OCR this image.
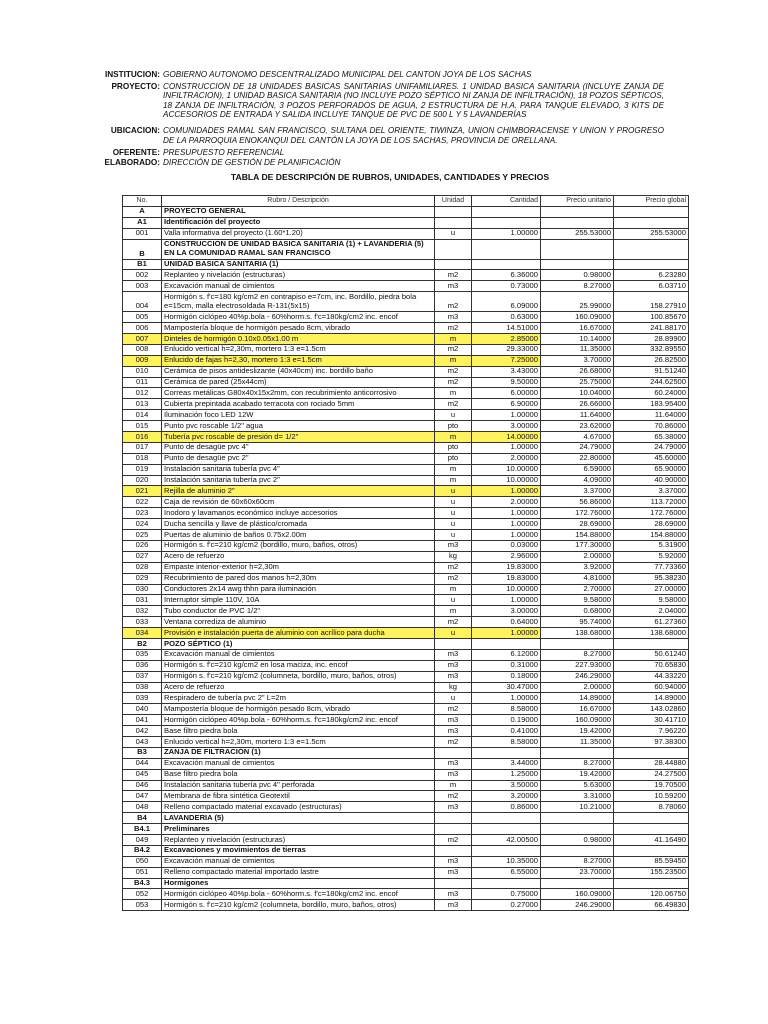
INSTITUCION: GOBIERNO AUTONOMO DESCENTRALIZADO MUNICIPAL DEL CANTON JOYA DE LOS SACHAS
PROYECTO: CONSTRUCCION DE 18 UNIDADES BASICAS SANITARIAS UNIFAMILIARES. 1 UNIDAD BASICA SANITARIA (INCLUYE ZANJA DE INFILTRACION), 1 UNIDAD BASICA SANITARIA (NO INCLUYE POZO SÉPTICO NI ZANJA DE INFILTRACIÓN), 18 POZOS SÉPTICOS, 18 ZANJA DE INFILTRACIÓN, 3 POZOS PERFORADOS DE AGUA, 2 ESTRUCTURA DE H.A. PARA TANQUE ELEVADO, 3 KITS DE ACCESORIOS DE ENTRADA Y SALIDA INCLUYE TANQUE DE PVC DE 500 L Y 5 LAVANDERÍAS
UBICACION: COMUNIDADES RAMAL SAN FRANCISCO, SULTANA DEL ORIENTE, TIWINZA, UNION CHIMBORACENSE Y UNION Y PROGRESO DE LA PARROQUIA ENOKANQUI DEL CANTÓN LA JOYA DE LOS SACHAS, PROVINCIA DE ORELLANA.
OFERENTE: PRESUPUESTO REFERENCIAL
ELABORADO: DIRECCIÓN DE GESTIÓN DE PLANIFICACIÓN
TABLA DE DESCRIPCIÓN DE RUBROS, UNIDADES, CANTIDADES Y PRECIOS
No.	Rubro / Descripción	Unidad	Cantidad	Precio unitario	Precio global
A	PROYECTO GENERAL				
A1	Identificación del proyecto				
001	Valla informativa del proyecto (1.60*1.20)	u	1.00000	255.53000	255.53000
B	CONSTRUCCION DE UNIDAD BASICA SANITARIA (1) + LAVANDERIA (5) EN LA COMUNIDAD RAMAL SAN FRANCISCO				
B1	UNIDAD BASICA SANITARIA (1)				
002	Replanteo y nivelación (estructuras)	m2	6.36000	0.98000	6.23280
003	Excavación manual de cimientos	m3	0.73000	8.27000	6.03710
004	Hormigón s. f'c=180 kg/cm2 en contrapiso e=7cm, inc. Bordillo, piedra bola e=15cm, malla electrosoldada R-131(5x15)	m2	6.09000	25.99000	158.27910
005	Hormigón ciclópeo 40%p.bola - 60%horm.s. f'c=180kg/cm2 inc. encof	m3	0.63000	160.09000	100.85670
006	Mampostería bloque de hormigón pesado 8cm, vibrado	m2	14.51000	16.67000	241.88170
007	Dinteles de hormigón 0.10x0.05x1.00 m	m	2.85000	10.14000	28.89900
008	Enlucido vertical h=2,30m, mortero 1:3 e=1.5cm	m2	29.33000	11.35000	332.89550
009	Enlucido de fajas h=2,30, mortero 1:3 e=1.5cm	m	7.25000	3.70000	26.82500
010	Cerámica de pisos antideslizante (40x40cm) inc. bordillo baño	m2	3.43000	26.68000	91.51240
011	Cerámica de pared (25x44cm)	m2	9.50000	25.75000	244.62500
012	Correas metálicas G80x40x15x2mm, con recubrimiento anticorrosivo	m	6.00000	10.04000	60.24000
013	Cubierta prepintada acabado terracota con rociado 5mm	m2	6.90000	26.66000	183.95400
014	Iluminación foco LED 12W	u	1.00000	11.64000	11.64000
015	Punto pvc roscable 1/2" agua	pto	3.00000	23.62000	70.86000
016	Tubería pvc roscable de presión d= 1/2"	m	14.00000	4.67000	65.38000
017	Punto de desagüe pvc 4"	pto	1.00000	24.79000	24.79000
018	Punto de desagüe pvc 2"	pto	2.00000	22.80000	45.60000
019	Instalación sanitaria tubería pvc 4"	m	10.00000	6.59000	65.90000
020	Instalación sanitaria tubería pvc 2"	m	10.00000	4.09000	40.90000
021	Rejilla de aluminio 2"	u	1.00000	3.37000	3.37000
022	Caja de revisión de 60x60x60cm	u	2.00000	56.86000	113.72000
023	Inodoro y lavamanos económico incluye accesorios	u	1.00000	172.76000	172.76000
024	Ducha sencilla y llave de plástico/cromada	u	1.00000	28.69000	28.69000
025	Puertas de aluminio de baños 0.75x2.00m	u	1.00000	154.88000	154.88000
026	Hormigón s. f'c=210 kg/cm2 (bordillo, muro, baños, otros)	m3	0.03000	177.30000	5.31900
027	Acero de refuerzo	kg	2.96000	2.00000	5.92000
028	Empaste interior-exterior h=2,30m	m2	19.83000	3.92000	77.73360
029	Recubrimiento de pared dos manos h=2,30m	m2	19.83000	4.81000	95.38230
030	Conductores 2x14 awg thhn para iluminación	m	10.00000	2.70000	27.00000
031	Interruptor simple 110V, 10A	u	1.00000	9.58000	9.58000
032	Tubo conductor de PVC 1/2"	m	3.00000	0.68000	2.04000
033	Ventana corrediza de aluminio	m2	0.64000	95.74000	61.27360
034	Provisión e instalación puerta de aluminio con acrílico para ducha	u	1.00000	138.68000	138.68000
B2	POZO SÉPTICO (1)				
035	Excavación manual de cimientos	m3	6.12000	8.27000	50.61240
036	Hormigón s. f'c=210 kg/cm2 en losa maciza, inc. encof	m3	0.31000	227.93000	70.65830
037	Hormigón s. f'c=210 kg/cm2 (columneta, bordillo, muro, baños, otros)	m3	0.18000	246.29000	44.33220
038	Acero de refuerzo	kg	30.47000	2.00000	60.94000
039	Respiradero de tubería pvc 2" L=2m	u	1.00000	14.89000	14.89000
040	Mampostería bloque de hormigón pesado 8cm, vibrado	m2	8.58000	16.67000	143.02860
041	Hormigón ciclópeo 40%p.bola - 60%horm.s. f'c=180kg/cm2 inc. encof	m3	0.19000	160.09000	30.41710
042	Base filtro piedra bola	m3	0.41000	19.42000	7.96220
043	Enlucido vertical h=2,30m, mortero 1:3 e=1.5cm	m2	8.58000	11.35000	97.38300
B3	ZANJA DE FILTRACIÓN (1)				
044	Excavación manual de cimientos	m3	3.44000	8.27000	28.44880
045	Base filtro piedra bola	m3	1.25000	19.42000	24.27500
046	Instalación sanitaria tubería pvc 4" perforada	m	3.50000	5.63000	19.70500
047	Membrana de fibra sintética Geotextil	m2	3.20000	3.31000	10.59200
048	Relleno compactado material excavado (estructuras)	m3	0.86000	10.21000	8.78060
B4	LAVANDERIA (5)				
B4.1	Preliminares				
049	Replanteo y nivelación (estructuras)	m2	42.00500	0.98000	41.16490
B4.2	Excavaciones y movimientos de tierras				
050	Excavación manual de cimientos	m3	10.35000	8.27000	85.59450
051	Relleno compactado material importado lastre	m3	6.55000	23.70000	155.23500
B4.3	Hormigones				
052	Hormigón ciclópeo 40%p.bola - 60%horm.s. f'c=180kg/cm2 inc. encof	m3	0.75000	160.09000	120.06750
053	Hormigón s. f'c=210 kg/cm2 (columneta, bordillo, muro, baños, otros)	m3	0.27000	246.29000	66.49830
